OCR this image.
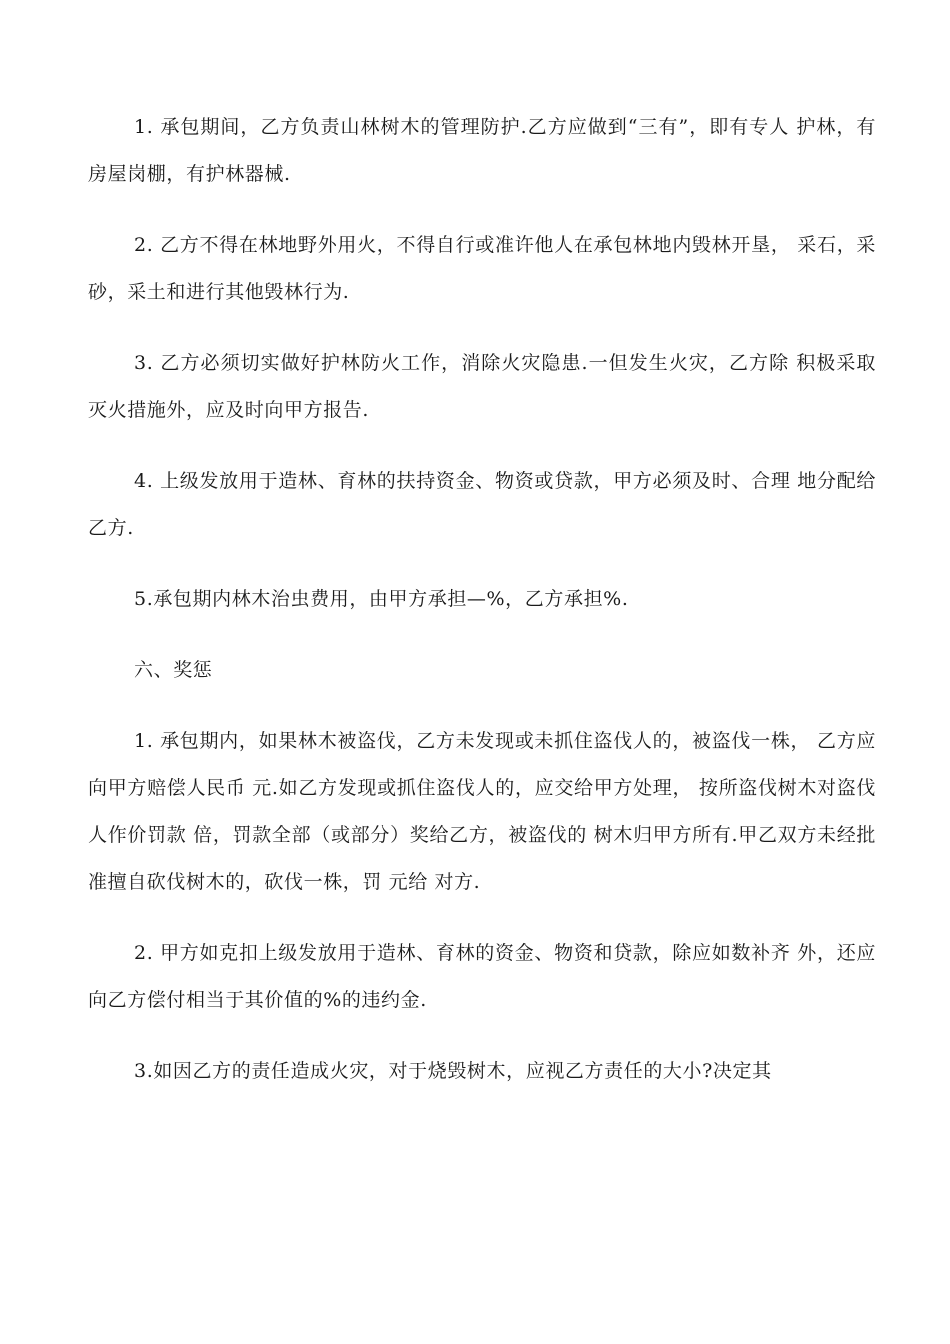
1. 承包期间，乙方负责山林树木的管理防护.乙方应做到“三有”，即有专人 护林，有房屋岗棚，有护林器械.

2. 乙方不得在林地野外用火，不得自行或准许他人在承包林地内毁林开垦， 采石，采砂，采土和进行其他毁林行为.

3. 乙方必须切实做好护林防火工作，消除火灾隐患.一但发生火灾，乙方除 积极采取灭火措施外，应及时向甲方报告.

4. 上级发放用于造林、育林的扶持资金、物资或贷款，甲方必须及时、合理 地分配给乙方.

5.承包期内林木治虫费用，由甲方承担—%，乙方承担%.

六、奖惩

1. 承包期内，如果林木被盗伐，乙方未发现或未抓住盗伐人的，被盗伐一株， 乙方应向甲方赔偿人民币 元.如乙方发现或抓住盗伐人的，应交给甲方处理， 按所盗伐树木对盗伐人作价罚款 倍，罚款全部（或部分）奖给乙方，被盗伐的 树木归甲方所有.甲乙双方未经批准擅自砍伐树木的，砍伐一株，罚 元给 对方.

2. 甲方如克扣上级发放用于造林、育林的资金、物资和贷款，除应如数补齐 外，还应向乙方偿付相当于其价值的%的违约金.

3.如因乙方的责任造成火灾，对于烧毁树木，应视乙方责任的大小?决定其
